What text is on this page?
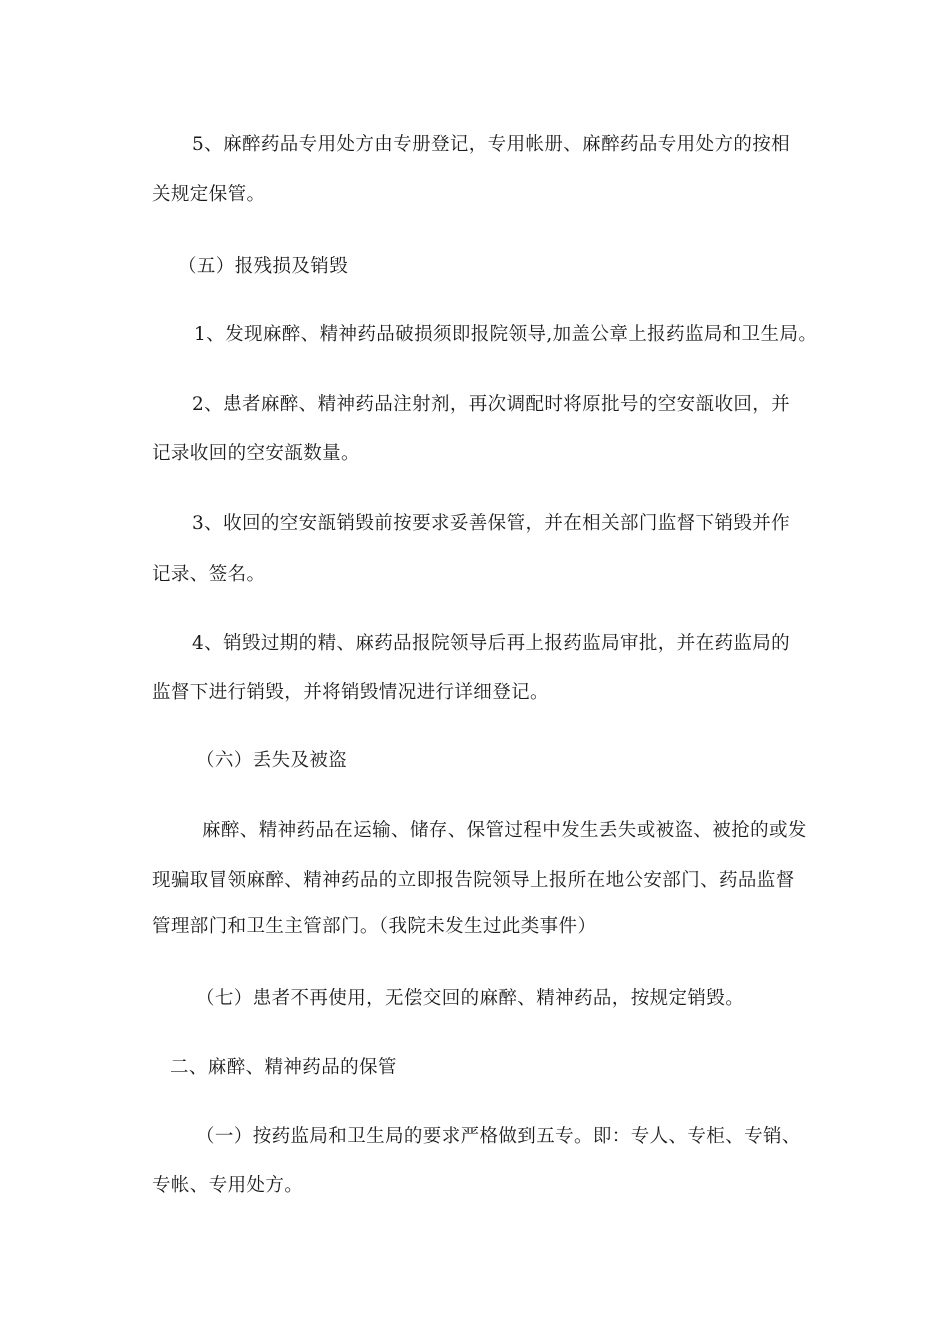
5、麻醉药品专用处方由专册登记，专用帐册、麻醉药品专用处方的按相
关规定保管。
（五）报残损及销毁
1、发现麻醉、精神药品破损须即报院领导,加盖公章上报药监局和卫生局。
2、患者麻醉、精神药品注射剂，再次调配时将原批号的空安瓿收回，并
记录收回的空安瓿数量。
3、收回的空安瓿销毁前按要求妥善保管，并在相关部门监督下销毁并作
记录、签名。
4、销毁过期的精、麻药品报院领导后再上报药监局审批，并在药监局的
监督下进行销毁，并将销毁情况进行详细登记。
（六）丢失及被盗
麻醉、精神药品在运输、储存、保管过程中发生丢失或被盗、被抢的或发
现骗取冒领麻醉、精神药品的立即报告院领导上报所在地公安部门、药品监督
管理部门和卫生主管部门。（我院未发生过此类事件）
（七）患者不再使用，无偿交回的麻醉、精神药品，按规定销毁。
二、麻醉、精神药品的保管
（一）按药监局和卫生局的要求严格做到五专。即：专人、专柜、专销、
专帐、专用处方。
